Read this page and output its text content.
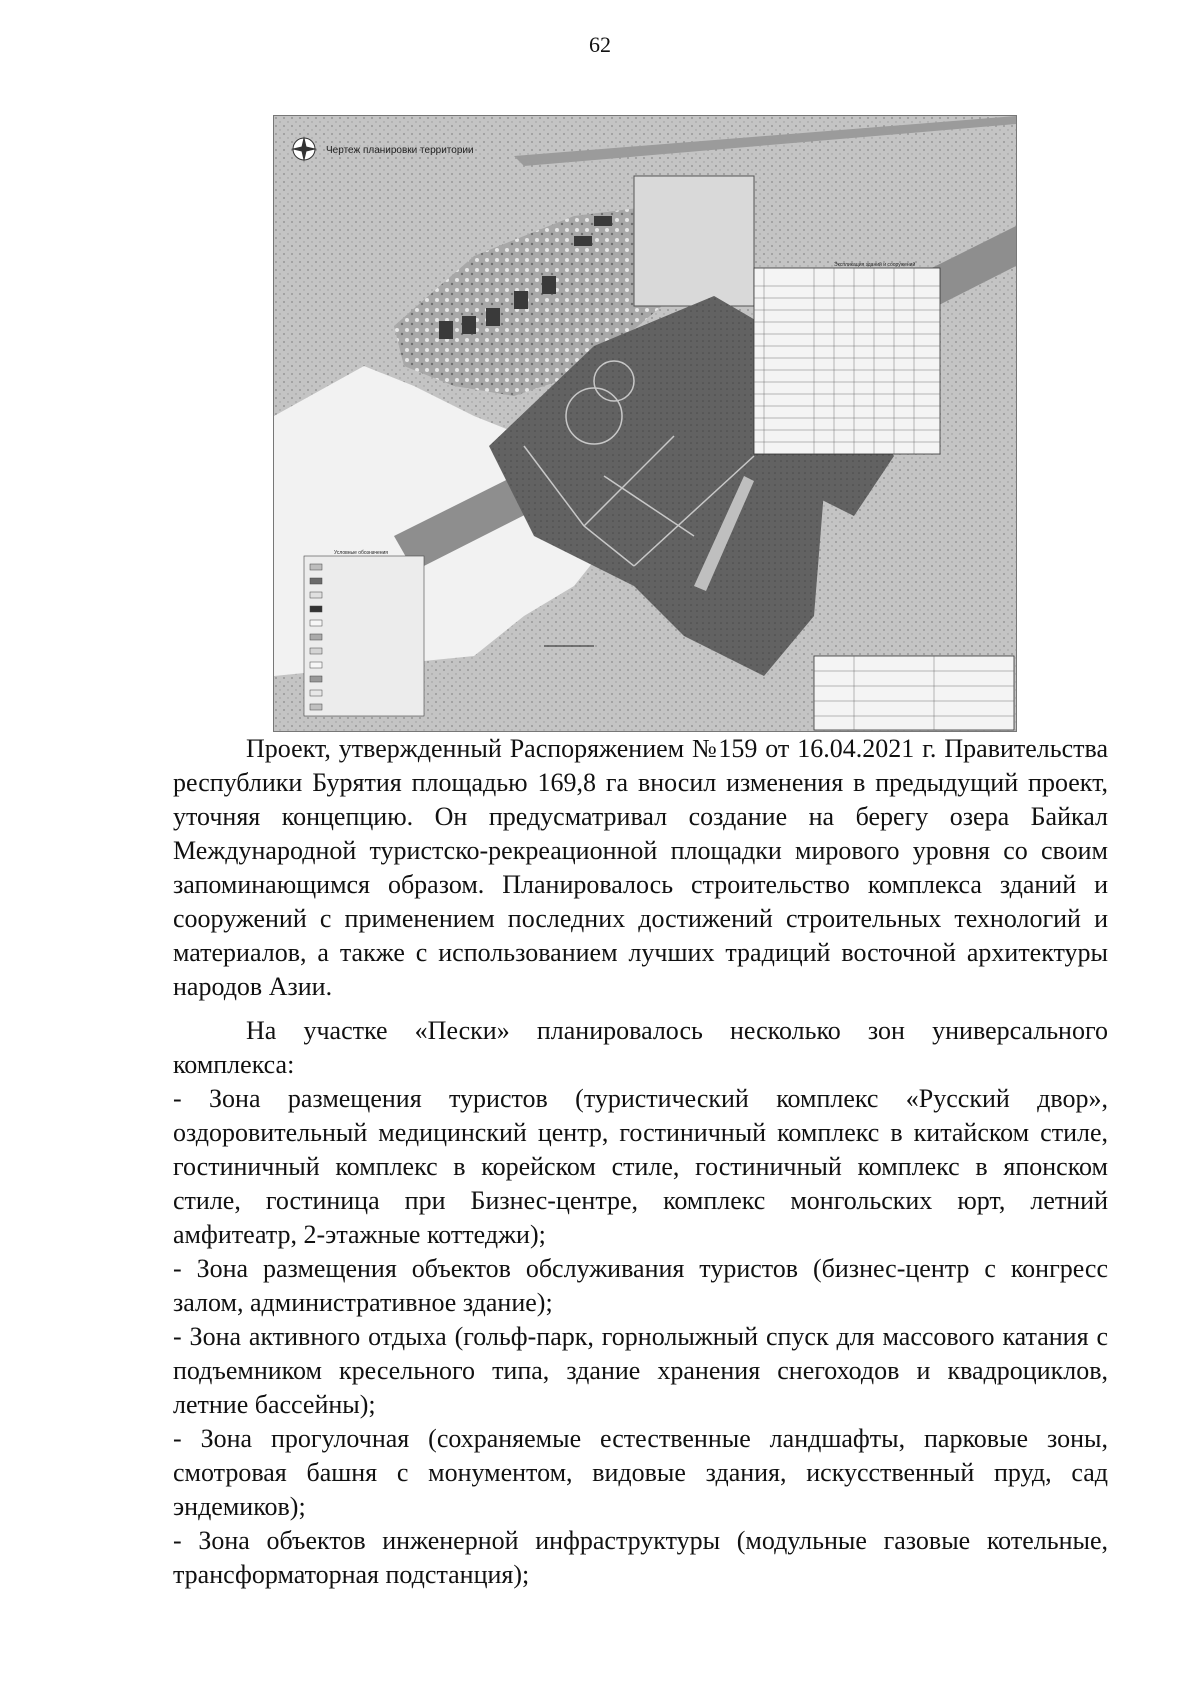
62
Чертеж планировки территории
Экспликация зданий и сооружений
Условные обозначения

Проект, утвержденный Распоряжением №159 от 16.04.2021 г. Правительства республики Бурятия площадью 169,8 га вносил изменения в предыдущий проект, уточняя концепцию. Он предусматривал создание на берегу озера Байкал Международной туристско-рекреационной площадки мирового уровня со своим запоминающимся образом. Планировалось строительство комплекса зданий и сооружений с применением последних достижений строительных технологий и материалов, а также с использованием лучших традиций восточной архитектуры народов Азии.

На участке «Пески» планировалось несколько зон универсального комплекса:

- Зона размещения туристов (туристический комплекс «Русский двор», оздоровительный медицинский центр, гостиничный комплекс в китайском стиле, гостиничный комплекс в корейском стиле, гостиничный комплекс в японском стиле, гостиница при Бизнес-центре, комплекс монгольских юрт, летний амфитеатр, 2-этажные коттеджи);

- Зона размещения объектов обслуживания туристов (бизнес-центр с конгресс залом, административное здание);

- Зона активного отдыха (гольф-парк, горнолыжный спуск для массового катания с подъемником кресельного типа, здание хранения снегоходов и квадроциклов, летние бассейны);

- Зона прогулочная (сохраняемые естественные ландшафты, парковые зоны, смотровая башня с монументом, видовые здания, искусственный пруд, сад эндемиков);

- Зона объектов инженерной инфраструктуры (модульные газовые котельные, трансформаторная подстанция);
